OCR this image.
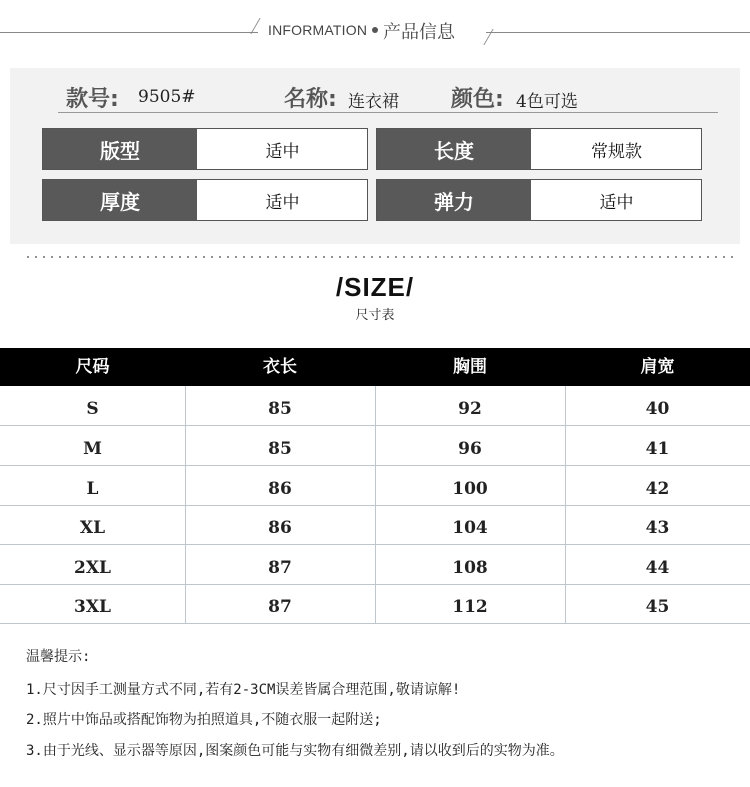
INFORMATION 产品信息
款号: 9505#	名称: 连衣裙 颜色: 4色可选
版型	适中	长度	常规款
厚度	适中	弹力	适中
/SIZE/
尺寸表
尺码	衣长	胸围	肩宽
S	85	92	40
M	85	96	41
L	86	100	42
XL	86	104	43
2XL	87	108	44
3XL	87	112	45
温馨提示:
1.尺寸因手工测量方式不同,若有2-3CM误差皆属合理范围,敬请谅解!
2.照片中饰品或搭配饰物为拍照道具,不随衣服一起附送;
3.由于光线、显示器等原因,图案颜色可能与实物有细微差别,请以收到后的实物为准。
